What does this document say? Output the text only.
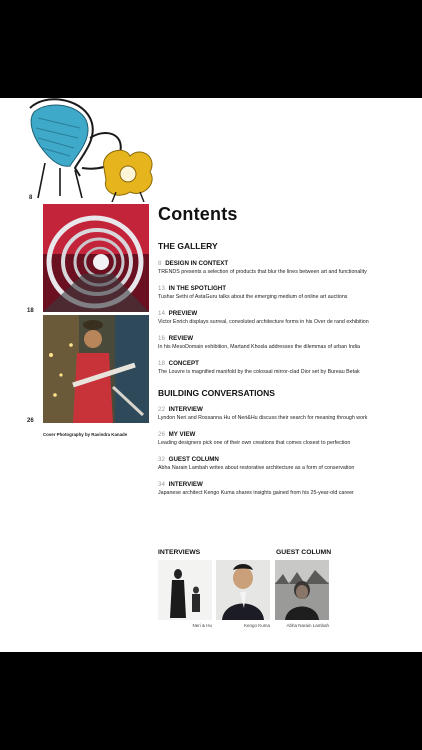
8
18
26
Cover Photography by Ravindra Kanade
Contents
THE GALLERY
8 DESIGN IN CONTEXT
TRENDS presents a selection of products that blur the lines between art and functionality
13 IN THE SPOTLIGHT
Tushar Sethi of AstaGuru talks about the emerging medium of online art auctions
14 PREVIEW
Victor Enrich displays surreal, convoluted architecture forms in his Over de rand exhibition
16 REVIEW
In his MesoDomain exhibition, Martand Khosla addresses the dilemmas of urban India
18 CONCEPT
The Louvre is magnified manifold by the colossal mirror-clad Dior set by Bureau Betak
BUILDING CONVERSATIONS
22 INTERVIEW
Lyndon Neri and Rossanna Hu of Neri&Hu discuss their search for meaning through work
26 MY VIEW
Leading designers pick one of their own creations that comes closest to perfection
32 GUEST COLUMN
Abha Narain Lambah writes about restorative architecture as a form of conservation
34 INTERVIEW
Japanese architect Kengo Kuma shares insights gained from his 25-year-old career
INTERVIEWS	GUEST COLUMN
Neri & Hu	Kengo Kuma	Abha Narain Lambah
